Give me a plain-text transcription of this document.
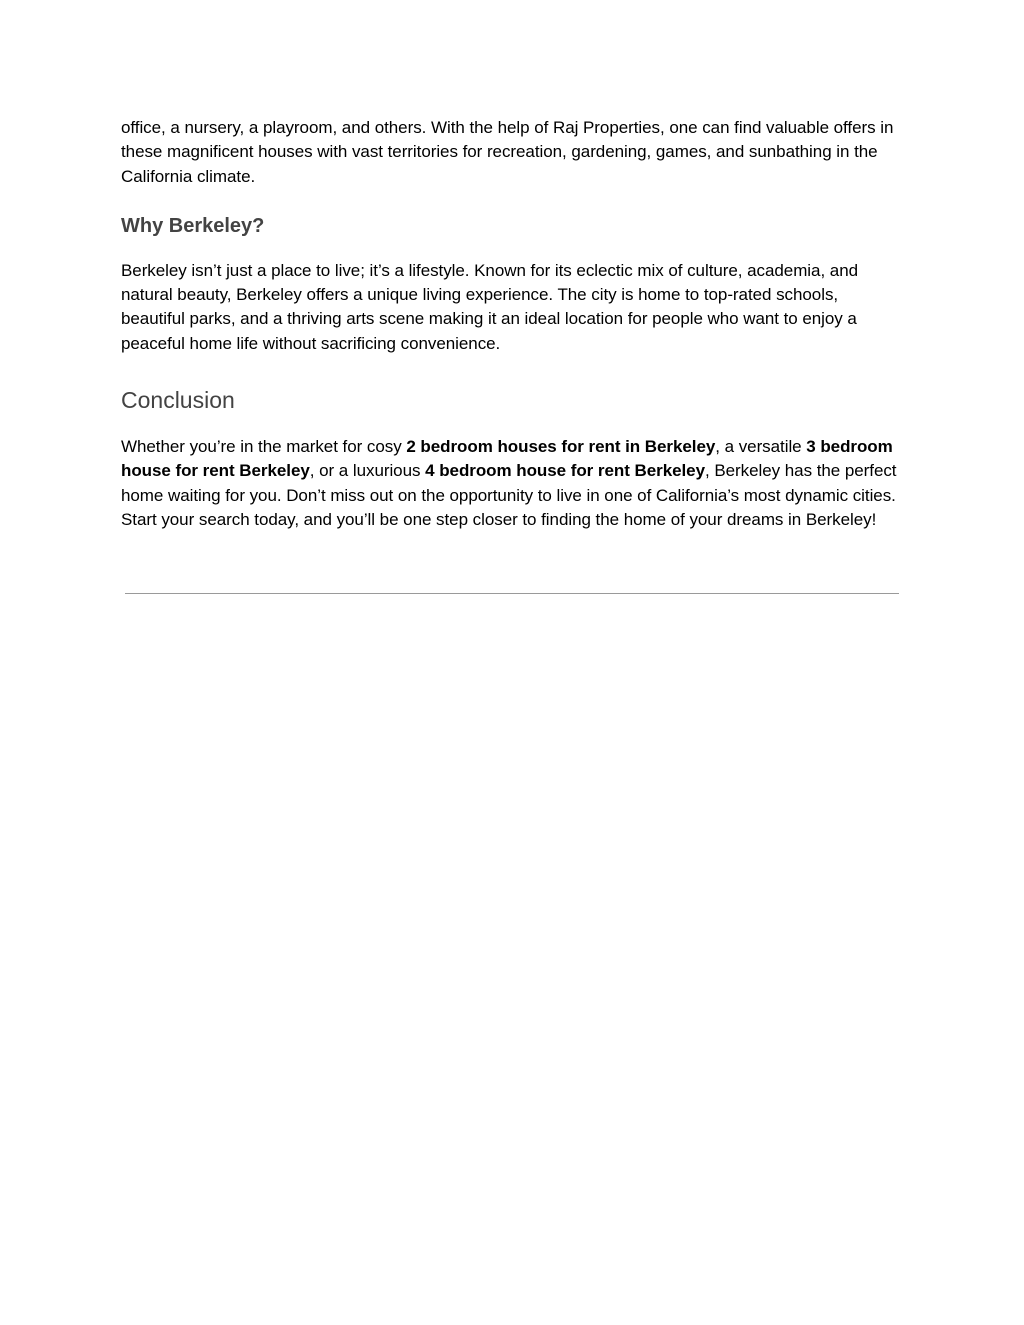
office, a nursery, a playroom, and others. With the help of Raj Properties, one can find valuable offers in these magnificent houses with vast territories for recreation, gardening, games, and sunbathing in the California climate.

Why Berkeley?

Berkeley isn’t just a place to live; it’s a lifestyle. Known for its eclectic mix of culture, academia, and natural beauty, Berkeley offers a unique living experience. The city is home to top-rated schools, beautiful parks, and a thriving arts scene making it an ideal location for people who want to enjoy a peaceful home life without sacrificing convenience.

Conclusion

Whether you’re in the market for cosy 2 bedroom houses for rent in Berkeley, a versatile 3 bedroom house for rent Berkeley, or a luxurious 4 bedroom house for rent Berkeley, Berkeley has the perfect home waiting for you. Don’t miss out on the opportunity to live in one of California’s most dynamic cities. Start your search today, and you’ll be one step closer to finding the home of your dreams in Berkeley!
